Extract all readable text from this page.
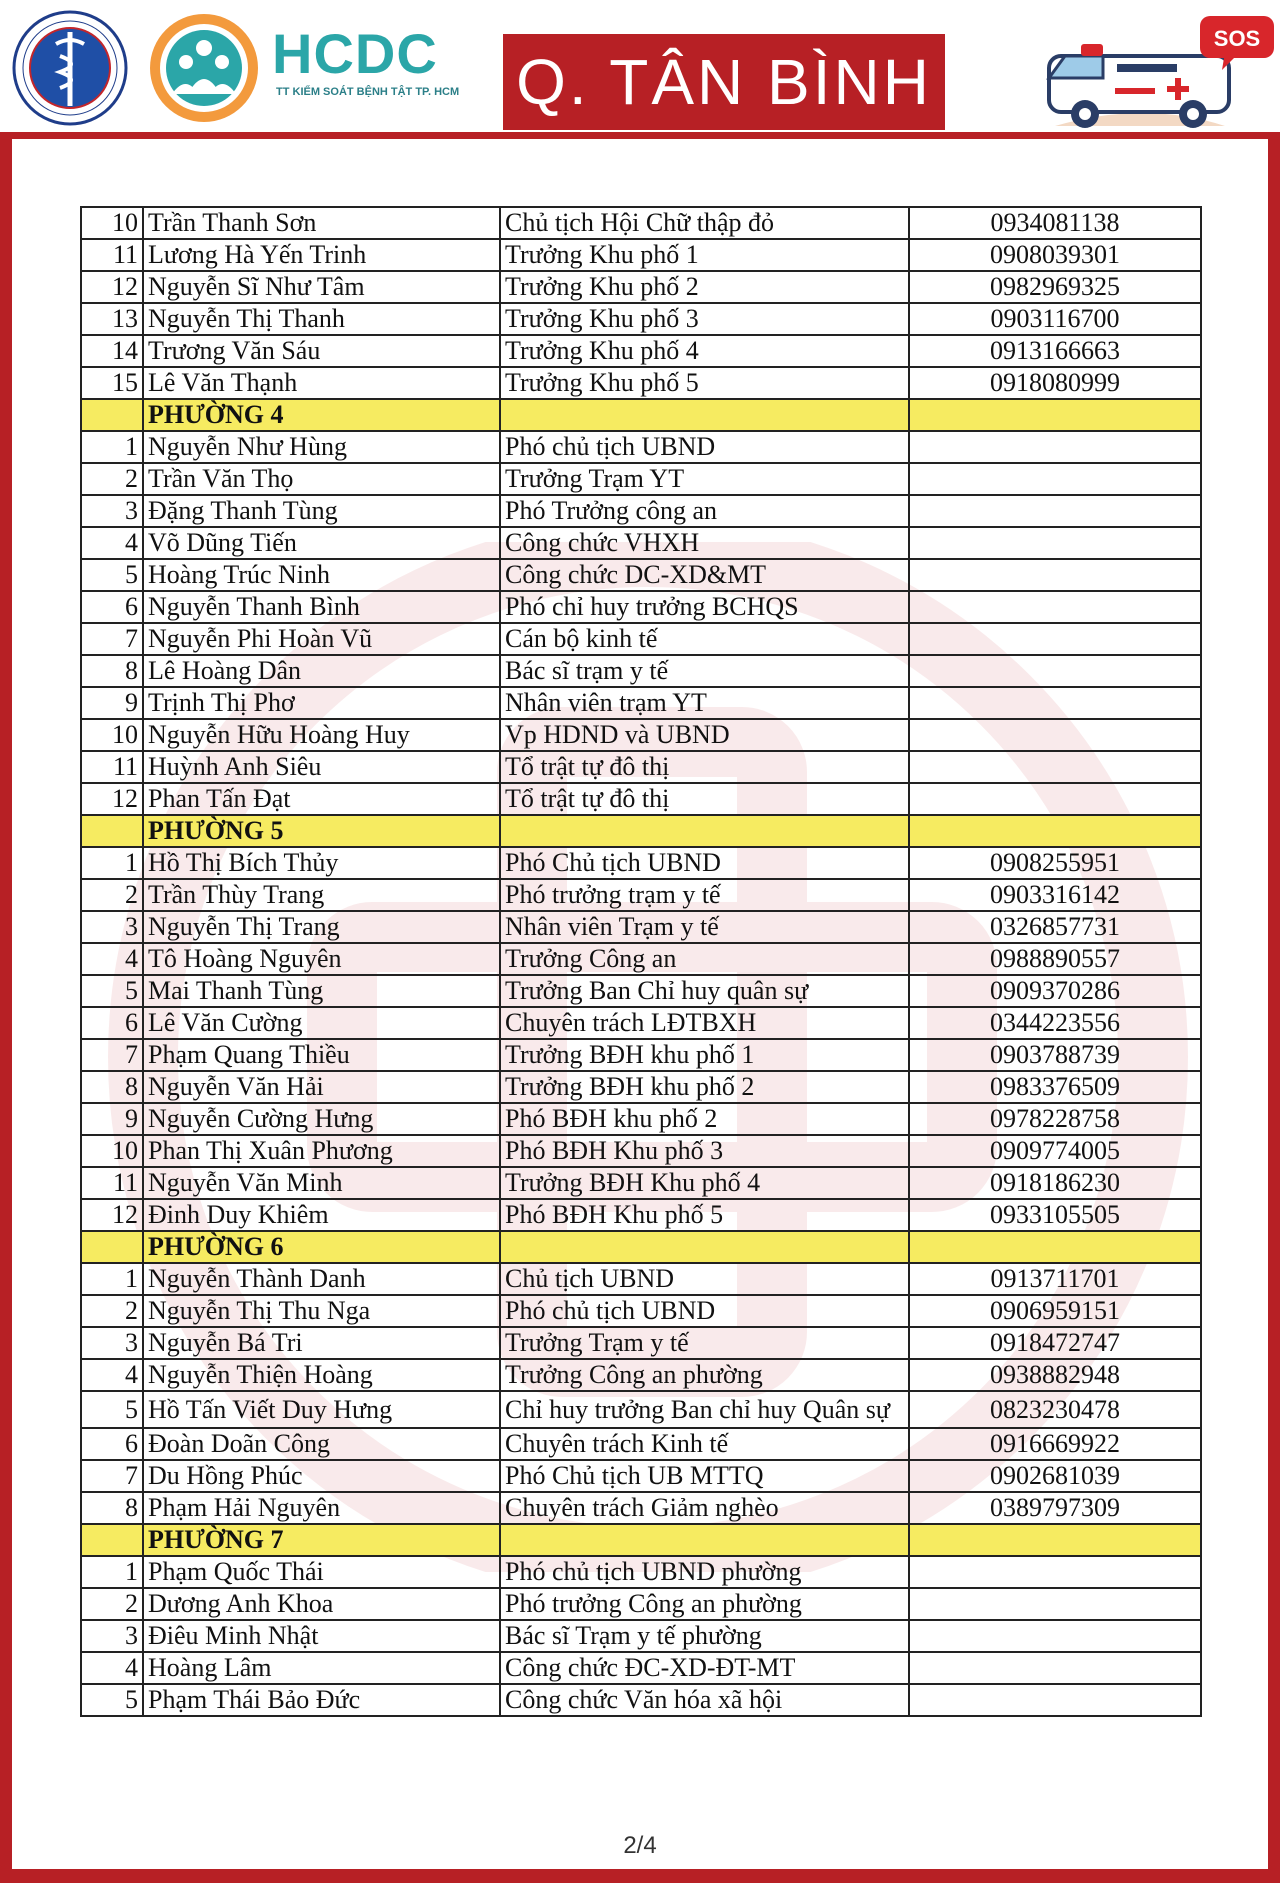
HCDC
TT KIỂM SOÁT BỆNH TẬT TP. HCM Q. TÂN BÌNH
SOS
10	Trần Thanh Sơn	Chủ tịch Hội Chữ thập đỏ	0934081138
11	Lương Hà Yến Trinh	Trưởng Khu phố 1	0908039301
12	Nguyễn Sĩ Như Tâm	Trưởng Khu phố 2	0982969325
13	Nguyễn Thị Thanh	Trưởng Khu phố 3	0903116700
14	Trương Văn Sáu	Trưởng Khu phố 4	0913166663
15	Lê Văn Thạnh	Trưởng Khu phố 5	0918080999
	PHƯỜNG 4		
1	Nguyễn Như Hùng	Phó chủ tịch UBND	
2	Trần Văn Thọ	Trưởng Trạm YT	
3	Đặng Thanh Tùng	Phó Trưởng công an	
4	Võ Dũng Tiến	Công chức VHXH	
5	Hoàng Trúc Ninh	Công chức DC-XD&MT	
6	Nguyễn Thanh Bình	Phó chỉ huy trưởng BCHQS	
7	Nguyễn Phi Hoàn Vũ	Cán bộ kinh tế	
8	Lê Hoàng Dân	Bác sĩ trạm y tế	
9	Trịnh Thị Phơ	Nhân viên trạm YT	
10	Nguyễn Hữu Hoàng Huy	Vp HDND và UBND	
11	Huỳnh Anh Siêu	Tổ trật tự đô thị	
12	Phan Tấn Đạt	Tổ trật tự đô thị	
	PHƯỜNG 5		
1	Hồ Thị Bích Thủy	Phó Chủ tịch UBND	0908255951
2	Trần Thùy Trang	Phó trưởng trạm y tế	0903316142
3	Nguyễn Thị Trang	Nhân viên Trạm y tế	0326857731
4	Tô Hoàng Nguyên	Trưởng Công an	0988890557
5	Mai Thanh Tùng	Trưởng Ban Chỉ huy quân sự	0909370286
6	Lê Văn Cường	Chuyên trách LĐTBXH	0344223556
7	Phạm Quang Thiều	Trưởng BĐH khu phố 1	0903788739
8	Nguyễn Văn Hải	Trưởng BĐH khu phố 2	0983376509
9	Nguyễn Cường Hưng	Phó BĐH khu phố 2	0978228758
10	Phan Thị Xuân Phương	Phó BĐH Khu phố 3	0909774005
11	Nguyễn Văn Minh	Trưởng BĐH Khu phố 4	0918186230
12	Đinh Duy Khiêm	Phó BĐH Khu phố 5	0933105505
	PHƯỜNG 6		
1	Nguyễn Thành Danh	Chủ tịch UBND	0913711701
2	Nguyễn Thị Thu Nga	Phó chủ tịch UBND	0906959151
3	Nguyễn Bá Tri	Trưởng Trạm y tế	0918472747
4	Nguyễn Thiện Hoàng	Trưởng Công an phường	0938882948
5	Hồ Tấn Viết Duy Hưng	Chỉ huy trưởng Ban chỉ huy Quân sự	0823230478
6	Đoàn Doãn Công	Chuyên trách Kinh tế	0916669922
7	Du Hồng Phúc	Phó Chủ tịch UB MTTQ	0902681039
8	Phạm Hải Nguyên	Chuyên trách Giảm nghèo	0389797309
	PHƯỜNG 7		
1	Phạm Quốc Thái	Phó chủ tịch UBND phường	
2	Dương Anh Khoa	Phó trưởng Công an phường	
3	Điêu Minh Nhật	Bác sĩ Trạm y tế phường	
4	Hoàng Lâm	Công chức ĐC-XD-ĐT-MT	
5	Phạm Thái Bảo Đức	Công chức Văn hóa xã hội	
2/4
